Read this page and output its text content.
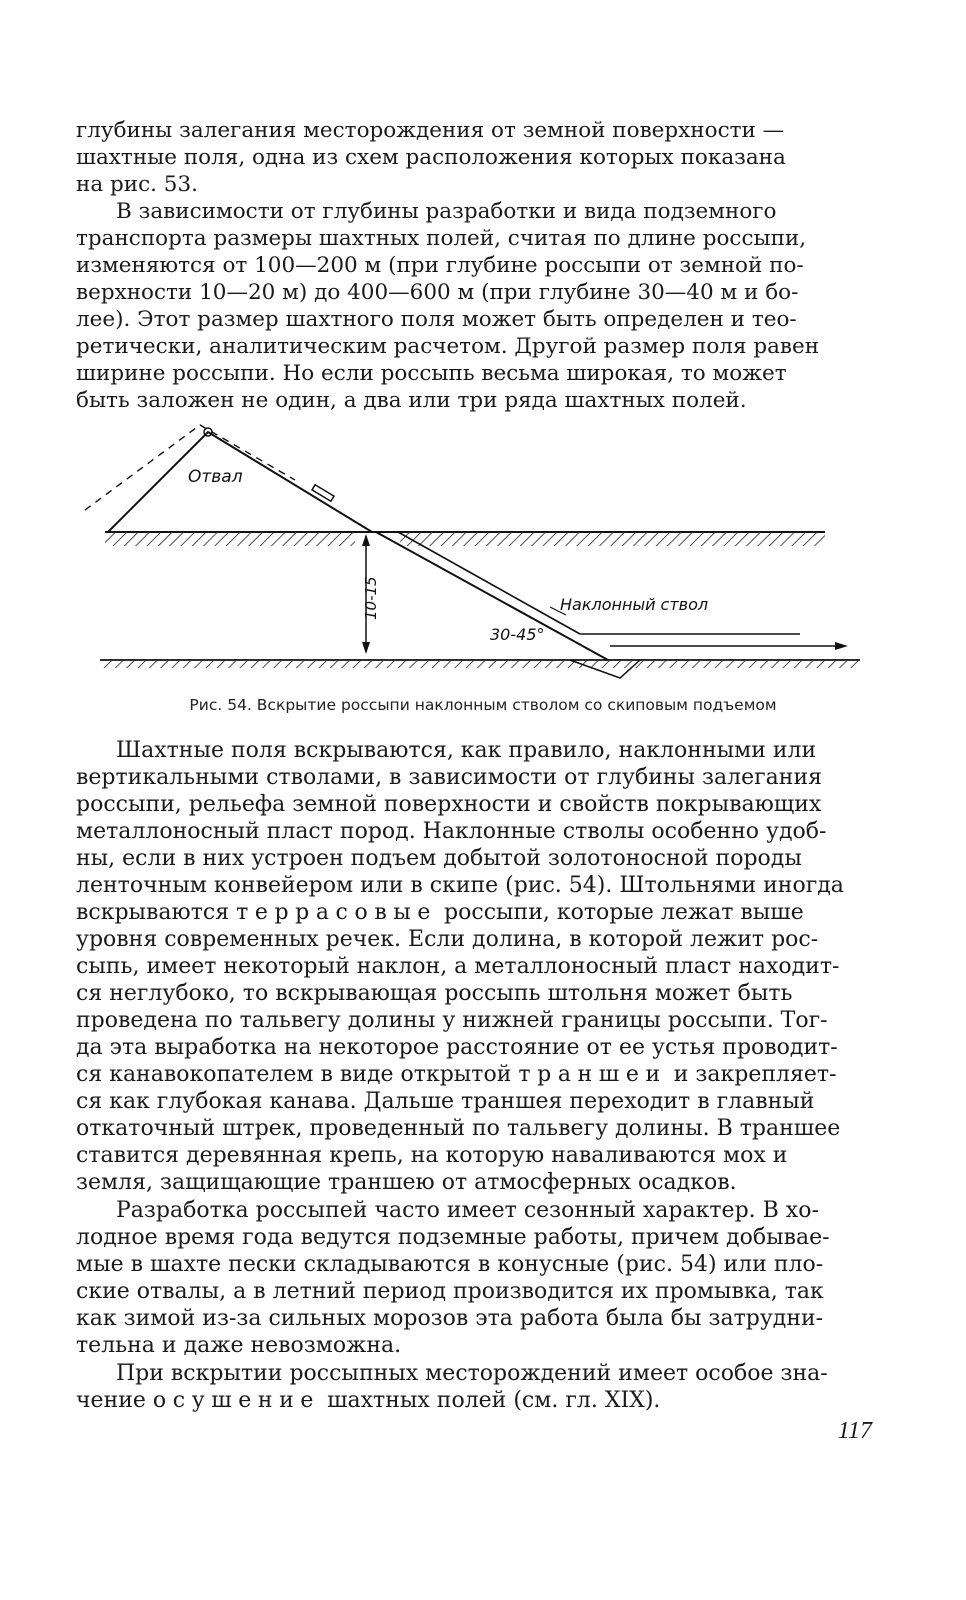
глубины залегания месторождения от земной поверхности —
шахтные поля, одна из схем расположения которых показана
на рис. 53.

В зависимости от глубины разработки и вида подземного
транспорта размеры шахтных полей, считая по длине россыпи,
изменяются от 100—200 м (при глубине россыпи от земной по-
верхности 10—20 м) до 400—600 м (при глубине 30—40 м и бо-
лее). Этот размер шахтного поля может быть определен и тео-
ретически, аналитическим расчетом. Другой размер поля равен
ширине россыпи. Но если россыпь весьма широкая, то может
быть заложен не один, а два или три ряда шахтных полей.

Отвал
Наклонный ствол
30-45°
10-15
Рис. 54. Вскрытие россыпи наклонным стволом со скиповым подъемом

Шахтные поля вскрываются, как правило, наклонными или
вертикальными стволами, в зависимости от глубины залегания
россыпи, рельефа земной поверхности и свойств покрывающих
металлоносный пласт пород. Наклонные стволы особенно удоб-
ны, если в них устроен подъем добытой золотоносной породы
ленточным конвейером или в скипе (рис. 54). Штольнями иногда
вскрываются террасовые россыпи, которые лежат выше
уровня современных речек. Если долина, в которой лежит рос-
сыпь, имеет некоторый наклон, а металлоносный пласт находит-
ся неглубоко, то вскрывающая россыпь штольня может быть
проведена по тальвегу долины у нижней границы россыпи. Тог-
да эта выработка на некоторое расстояние от ее устья проводит-
ся канавокопателем в виде открытой траншеи и закрепляет-
ся как глубокая канава. Дальше траншея переходит в главный
откаточный штрек, проведенный по тальвегу долины. В траншее
ставится деревянная крепь, на которую наваливаются мох и
земля, защищающие траншею от атмосферных осадков.

Разработка россыпей часто имеет сезонный характер. В хо-
лодное время года ведутся подземные работы, причем добывае-
мые в шахте пески складываются в конусные (рис. 54) или пло-
ские отвалы, а в летний период производится их промывка, так
как зимой из-за сильных морозов эта работа была бы затрудни-
тельна и даже невозможна.

При вскрытии россыпных месторождений имеет особое зна-
чение осушение шахтных полей (см. гл. XIX).

117
